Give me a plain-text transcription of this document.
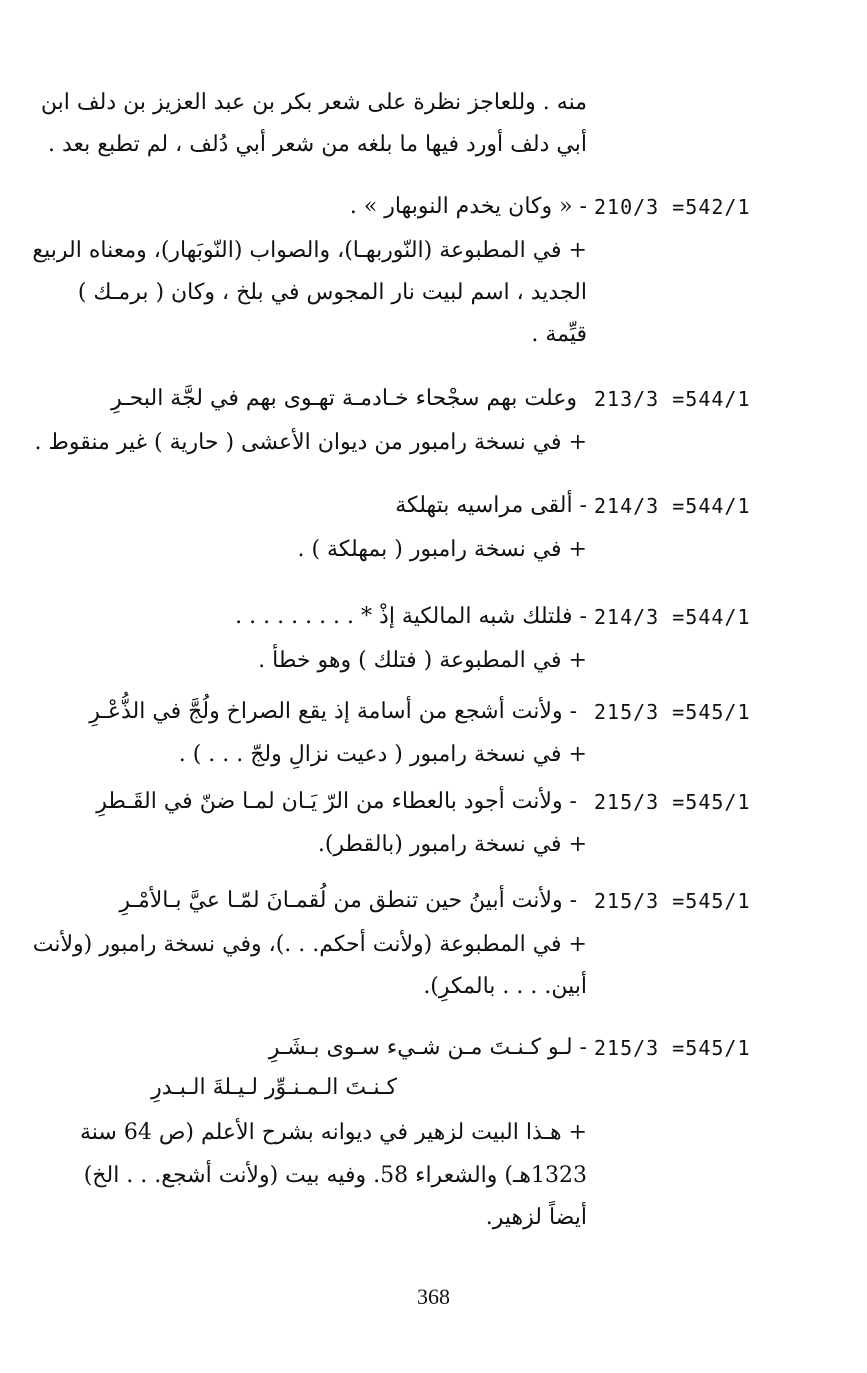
منه . وللعاجز نظرة على شعر بكر بن عبد العزيز بن دلف ابن
أبي دلف أورد فيها ما بلغه من شعر أبي دُلف ، لم تطبع بعد .
210/3 =542/1
- « وكان يخدم النوبهار » .
+ في المطبوعة (النّوربهـا)، والصواب (النّوبَهار)، ومعناه الربيع
الجديد ، اسم لبيت نار المجوس في بلخ ، وكان ( برمـك )
قيِّمة .
213/3 =544/1
وعلت بهم سجْحاء خـادمـة تهـوى بهم في لجَّة البحـرِ
+ في نسخة رامبور من ديوان الأعشى ( حارية ) غير منقوط .
214/3 =544/1
- ألقى مراسيه بتهلكة
+ في نسخة رامبور ( بمهلكة ) .
214/3 =544/1
- فلتلك شبه المالكية إذْ * . . . . . . . . .
+ في المطبوعة ( فتلك ) وهو خطأ .
215/3 =545/1
- ولأنت أشجع من أسامة إذ يقع الصراخ ولُجَّ في الذُّعْـرِ
+ في نسخة رامبور ( دعيت نزالِ ولجّ . . . ) .
215/3 =545/1
- ولأنت أجود بالعطاء من الرّ يَـان لمـا ضنّ في القَـطرِ
+ في نسخة رامبور (بالقطر).
215/3 =545/1
- ولأنت أبينُ حين تنطق من لُقمـانَ لمّـا عيَّ بـالأمْـرِ
+ في المطبوعة (ولأنت أحكم. . .)، وفي نسخة رامبور (ولأنت
أبين. . . . بالمكرِ).
215/3 =545/1
- لـو كـنـتَ مـن شـيء سـوى بـشَـرِ
كـنـتَ الـمـنـوِّر لـيـلةَ الـبـدرِ
+ هـذا البيت لزهير في ديوانه بشرح الأعلم (ص 64 سنة
1323هـ) والشعراء 58. وفيه بيت (ولأنت أشجع. . . الخ)
أيضاً لزهير.
368
